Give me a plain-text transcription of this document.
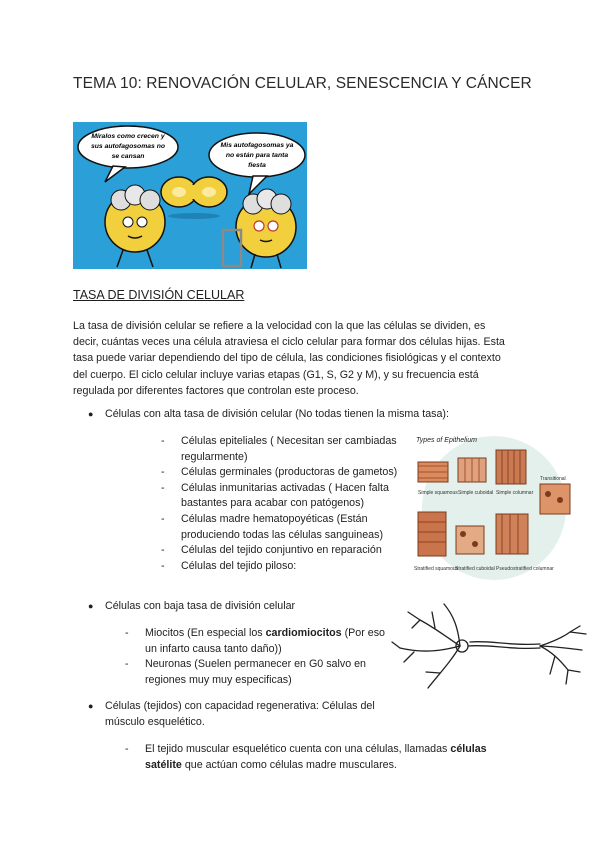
TEMA 10: RENOVACIÓN CELULAR, SENESCENCIA Y CÁNCER
Míralos como crecen y
sus autofagosomas no
se cansan
Mis autofagosomas ya
no están para tanta
fiesta
TASA DE DIVISIÓN CELULAR

La tasa de división celular se refiere a la velocidad con la que las células se dividen, es decir, cuántas veces una célula atraviesa el ciclo celular para formar dos células hijas. Esta tasa puede variar dependiendo del tipo de célula, las condiciones fisiológicas y el contexto del cuerpo. El ciclo celular incluye varias etapas (G1, S, G2 y M), y su frecuencia está regulada por diferentes factores que controlan este proceso.

● Células con alta tasa de división celular (No todas tienen la misma tasa):
- Células epiteliales ( Necesitan ser cambiadas regularmente)
- Células germinales (productoras de gametos)
- Células inmunitarias activadas ( Hacen falta bastantes para acabar con patógenos)
- Células madre hematopoyéticas (Están produciendo todas las células sanguineas)
- Células del tejido conjuntivo en reparación
- Células del tejido piloso:
Types of Epithelium
Simple squamous Simple cuboidal Simple columnar
Transitional
Stratified squamous
Stratified cuboidal Pseudostratified columnar
● Células con baja tasa de división celular
- Miocitos (En especial los cardiomiocitos (Por eso un infarto causa tanto daño))
- Neuronas (Suelen permanecer en G0 salvo en regiones muy muy especificas)
● Células (tejidos) con capacidad regenerativa: Células del músculo esquelético.
- El tejido muscular esquelético cuenta con una células, llamadas células satélite que actúan como células madre musculares.
